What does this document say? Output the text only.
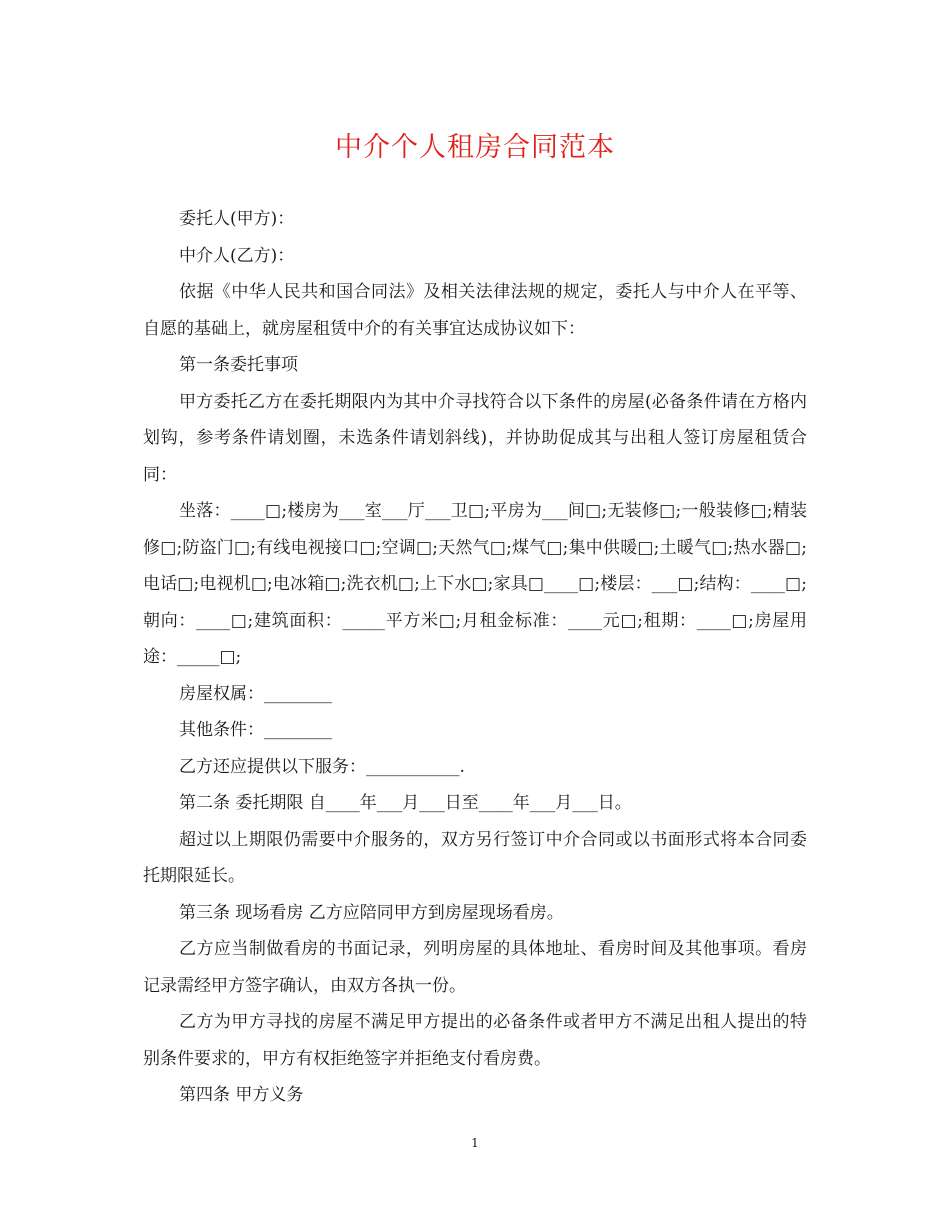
中介个人租房合同范本

委托人(甲方)：

中介人(乙方)：

依据《中华人民共和国合同法》及相关法律法规的规定，委托人与中介人在平等、自愿的基础上，就房屋租赁中介的有关事宜达成协议如下：

第一条委托事项

甲方委托乙方在委托期限内为其中介寻找符合以下条件的房屋(必备条件请在方格内划钩，参考条件请划圈，未选条件请划斜线)，并协助促成其与出租人签订房屋租赁合同：

坐落：____□;楼房为___室___厅___卫□;平房为___间□;无装修□;一般装修□;精装修□;防盗门□;有线电视接口□;空调□;天然气□;煤气□;集中供暖□;土暖气□;热水器□;电话□;电视机□;电冰箱□;洗衣机□;上下水□;家具□____□;楼层：___□;结构：____□;朝向：____□;建筑面积：_____平方米□;月租金标准：____元□;租期：____□;房屋用途：_____□;

房屋权属：________

其他条件：________

乙方还应提供以下服务：___________.

第二条 委托期限 自____年___月___日至____年___月___日。

超过以上期限仍需要中介服务的，双方另行签订中介合同或以书面形式将本合同委托期限延长。

第三条 现场看房 乙方应陪同甲方到房屋现场看房。

乙方应当制做看房的书面记录，列明房屋的具体地址、看房时间及其他事项。看房记录需经甲方签字确认，由双方各执一份。

乙方为甲方寻找的房屋不满足甲方提出的必备条件或者甲方不满足出租人提出的特别条件要求的，甲方有权拒绝签字并拒绝支付看房费。

第四条 甲方义务

1
